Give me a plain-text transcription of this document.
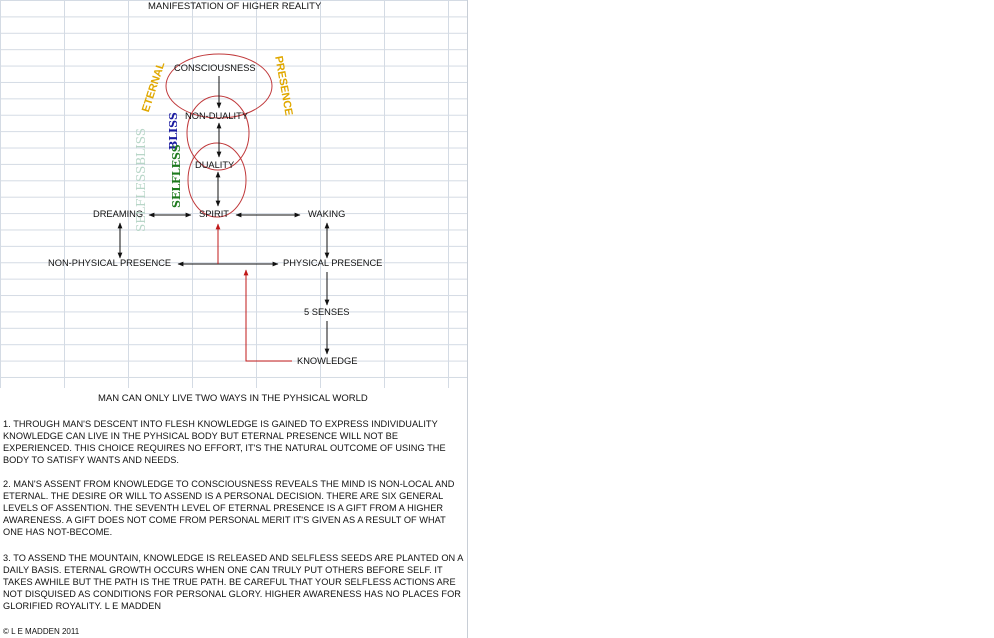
MANIFESTATION OF HIGHER REALITY
CONSCIOUSNESS
NON-DUALITY
DUALITY
SPIRIT
DREAMING	WAKING
NON-PHYSICAL PRESENCE	PHYSICAL PRESENCE
5 SENSES
KNOWLEDGE
ETERNAL	PRESENCE
BLISS
SELFLESS
SELFLESSBLISS
MAN CAN ONLY LIVE TWO WAYS IN THE PYHSICAL WORLD
1. THROUGH MAN'S DESCENT INTO FLESH KNOWLEDGE IS GAINED TO EXPRESS INDIVIDUALITY KNOWLEDGE CAN LIVE IN THE PYHSICAL BODY BUT ETERNAL PRESENCE WILL NOT BE EXPERIENCED. THIS CHOICE REQUIRES NO EFFORT, IT'S THE NATURAL OUTCOME OF USING THE BODY TO SATISFY WANTS AND NEEDS.
2. MAN'S ASSENT FROM KNOWLEDGE TO CONSCIOUSNESS REVEALS THE MIND IS NON-LOCAL AND ETERNAL. THE DESIRE OR WILL TO ASSEND IS A PERSONAL DECISION. THERE ARE SIX GENERAL LEVELS OF ASSENTION. THE SEVENTH LEVEL OF ETERNAL PRESENCE IS A GIFT FROM A HIGHER AWARENESS. A GIFT DOES NOT COME FROM PERSONAL MERIT IT'S GIVEN AS A RESULT OF WHAT ONE HAS NOT-BECOME.
3. TO ASSEND THE MOUNTAIN, KNOWLEDGE IS RELEASED AND SELFLESS SEEDS ARE PLANTED ON A DAILY BASIS. ETERNAL GROWTH OCCURS WHEN ONE CAN TRULY PUT OTHERS BEFORE SELF. IT TAKES AWHILE BUT THE PATH IS THE TRUE PATH. BE CAREFUL THAT YOUR SELFLESS ACTIONS ARE NOT DISQUISED AS CONDITIONS FOR PERSONAL GLORY. HIGHER AWARENESS HAS NO PLACES FOR GLORIFIED ROYALITY. L E MADDEN
© L E MADDEN 2011
